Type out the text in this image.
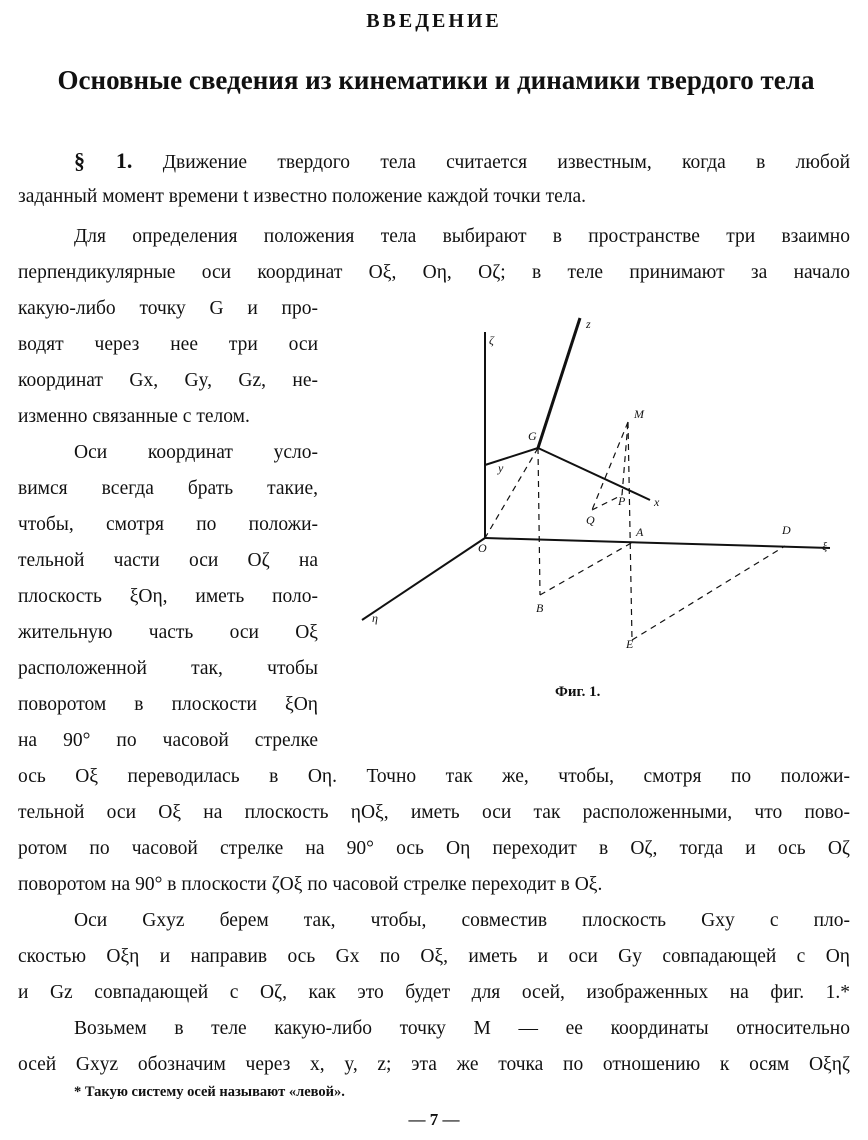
ВВЕДЕНИЕ
Основные сведения из кинематики и динамики твердого тела
§ 1. Движение твердого тела считается известным, когда в любой
заданный момент времени t известно положение каждой точки тела.
Для определения положения тела выбирают в пространстве три взаимно
перпендикулярные оси координат Oξ, Oη, Oζ; в теле принимают за начало
какую-либо точку G и про-
водят через нее три оси
координат Gx, Gy, Gz, не-
изменно связанные с телом.
Оси координат усло-
вимся всегда брать такие,
чтобы, смотря по положи-
тельной части оси Oζ на
плоскость ξOη, иметь поло-
жительную часть оси Oξ
расположенной так, чтобы
поворотом в плоскости ξOη
на 90° по часовой стрелке
ось Oξ переводилась в Oη. Точно так же, чтобы, смотря по положи-
тельной оси Oξ на плоскость ηOξ, иметь оси так расположенными, что пово-
ротом по часовой стрелке на 90° ось Oη переходит в Oζ, тогда и ось Oζ
поворотом на 90° в плоскости ζOξ по часовой стрелке переходит в Oξ.
Оси Gxyz берем так, чтобы, совместив плоскость Gxy с пло-
скостью Oξη и направив ось Gx по Oξ, иметь и оси Gy совпадающей с Oη
и Gz совпадающей с Oζ, как это будет для осей, изображенных на фиг. 1.*
Возьмем в теле какую-либо точку M — ее координаты относительно
осей Gxyz обозначим через x, y, z; эта же точка по отношению к осям Oξηζ
ζ
z
M
G
y
P x
Q
A	D
ξ
O
B
E
η
Фиг. 1.
* Такую систему осей называют «левой».
— 7 —
